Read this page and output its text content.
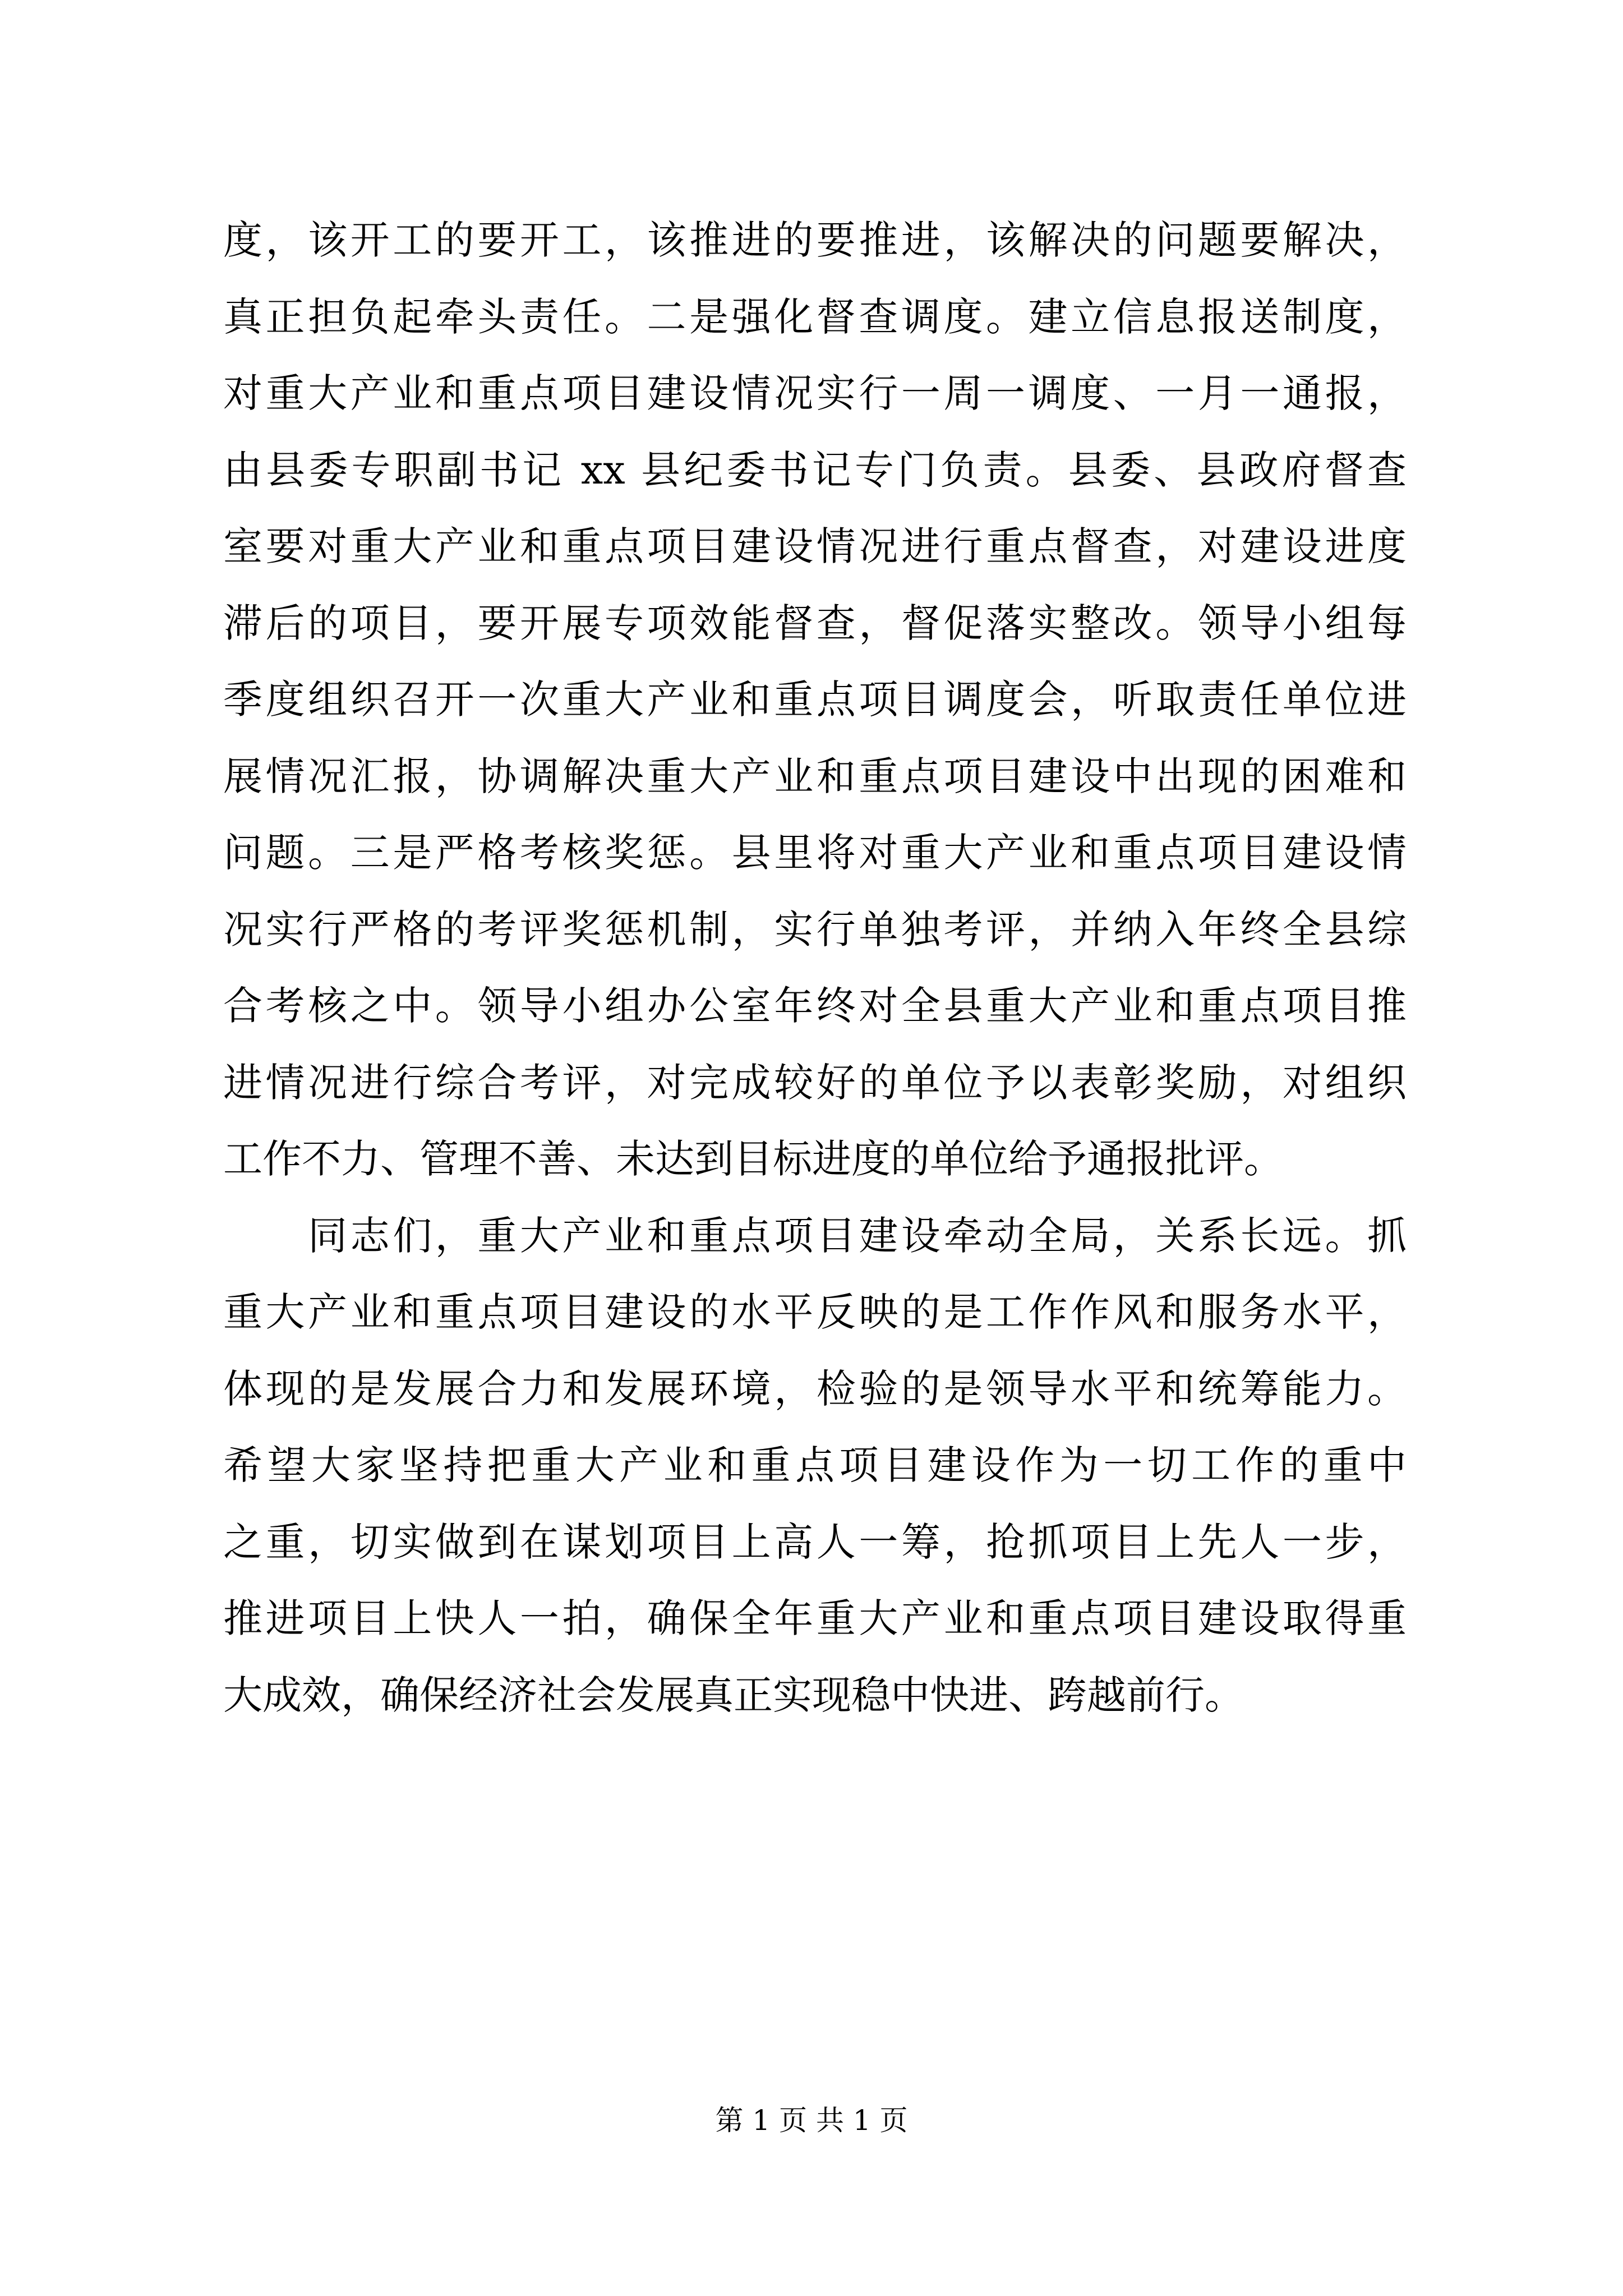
度，该开工的要开工，该推进的要推进，该解决的问题要解决，
真正担负起牵头责任。二是强化督查调度。建立信息报送制度，
对重大产业和重点项目建设情况实行一周一调度、一月一通报，
由县委专职副书记 xx 县纪委书记专门负责。县委、县政府督查
室要对重大产业和重点项目建设情况进行重点督查，对建设进度
滞后的项目，要开展专项效能督查，督促落实整改。领导小组每
季度组织召开一次重大产业和重点项目调度会，听取责任单位进
展情况汇报，协调解决重大产业和重点项目建设中出现的困难和
问题。三是严格考核奖惩。县里将对重大产业和重点项目建设情
况实行严格的考评奖惩机制，实行单独考评，并纳入年终全县综
合考核之中。领导小组办公室年终对全县重大产业和重点项目推
进情况进行综合考评，对完成较好的单位予以表彰奖励，对组织
工作不力、管理不善、未达到目标进度的单位给予通报批评。
　　同志们，重大产业和重点项目建设牵动全局，关系长远。抓
重大产业和重点项目建设的水平反映的是工作作风和服务水平，
体现的是发展合力和发展环境，检验的是领导水平和统筹能力。
希望大家坚持把重大产业和重点项目建设作为一切工作的重中
之重，切实做到在谋划项目上高人一筹，抢抓项目上先人一步，
推进项目上快人一拍，确保全年重大产业和重点项目建设取得重
大成效，确保经济社会发展真正实现稳中快进、跨越前行。
第 1 页 共 1 页
